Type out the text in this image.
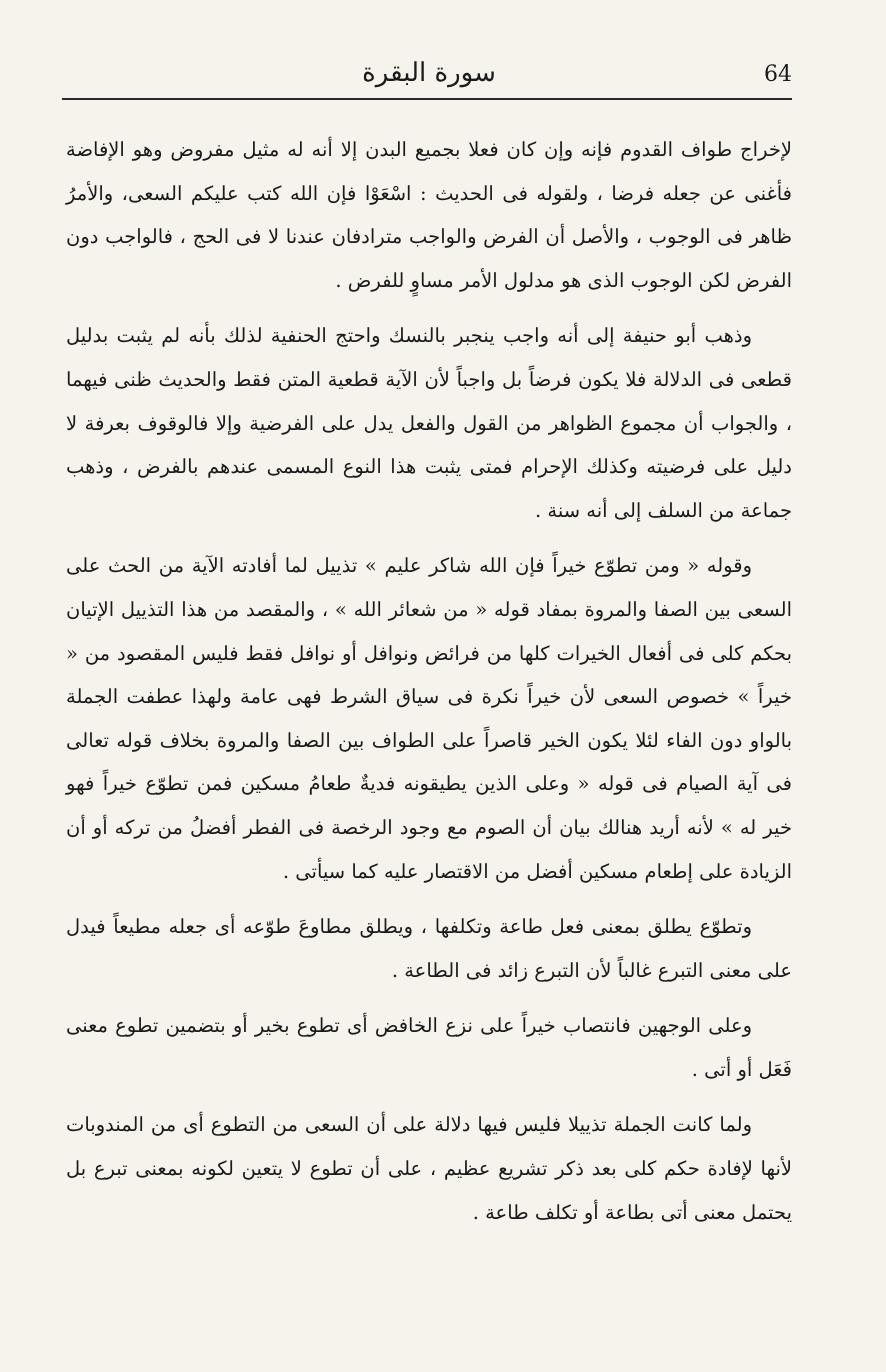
64
سورة البقرة

لإخراج طواف القدوم فإنه وإن كان فعلا بجميع البدن إلا أنه له مثيل مفروض وهو الإفاضة فأغنى عن جعله فرضا ، ولقوله فى الحديث : اسْعَوْا فإن الله كتب عليكم السعى، والأمرُ ظاهر فى الوجوب ، والأصل أن الفرض والواجب مترادفان عندنا لا فى الحج ، فالواجب دون الفرض لكن الوجوب الذى هو مدلول الأمر مساوٍ للفرض .

وذهب أبو حنيفة إلى أنه واجب ينجبر بالنسك واحتج الحنفية لذلك بأنه لم يثبت بدليل قطعى فى الدلالة فلا يكون فرضاً بل واجباً لأن الآية قطعية المتن فقط والحديث ظنى فيهما ، والجواب أن مجموع الظواهر من القول والفعل يدل على الفرضية وإلا فالوقوف بعرفة لا دليل على فرضيته وكذلك الإحرام فمتى يثبت هذا النوع المسمى عندهم بالفرض ، وذهب جماعة من السلف إلى أنه سنة .

وقوله « ومن تطوّع خيراً فإن الله شاكر عليم » تذييل لما أفادته الآية من الحث على السعى بين الصفا والمروة بمفاد قوله « من شعائر الله » ، والمقصد من هذا التذييل الإتيان بحكم كلى فى أفعال الخيرات كلها من فرائض ونوافل أو نوافل فقط فليس المقصود من « خيراً » خصوص السعى لأن خيراً نكرة فى سياق الشرط فهى عامة ولهذا عطفت الجملة بالواو دون الفاء لئلا يكون الخير قاصراً على الطواف بين الصفا والمروة بخلاف قوله تعالى فى آية الصيام فى قوله « وعلى الذين يطيقونه فديةٌ طعامُ مسكين فمن تطوّع خيراً فهو خير له » لأنه أريد هنالك بيان أن الصوم مع وجود الرخصة فى الفطر أفضلُ من تركه أو أن الزيادة على إطعام مسكين أفضل من الاقتصار عليه كما سيأتى .

وتطوّع يطلق بمعنى فعل طاعة وتكلفها ، ويطلق مطاوعَ طوّعه أى جعله مطيعاً فيدل على معنى التبرع غالباً لأن التبرع زائد فى الطاعة .

وعلى الوجهين فانتصاب خيراً على نزع الخافض أى تطوع بخير أو بتضمين تطوع معنى فَعَل أو أتى .

ولما كانت الجملة تذييلا فليس فيها دلالة على أن السعى من التطوع أى من المندوبات لأنها لإفادة حكم كلى بعد ذكر تشريع عظيم ، على أن تطوع لا يتعين لكونه بمعنى تبرع بل يحتمل معنى أتى بطاعة أو تكلف طاعة .
